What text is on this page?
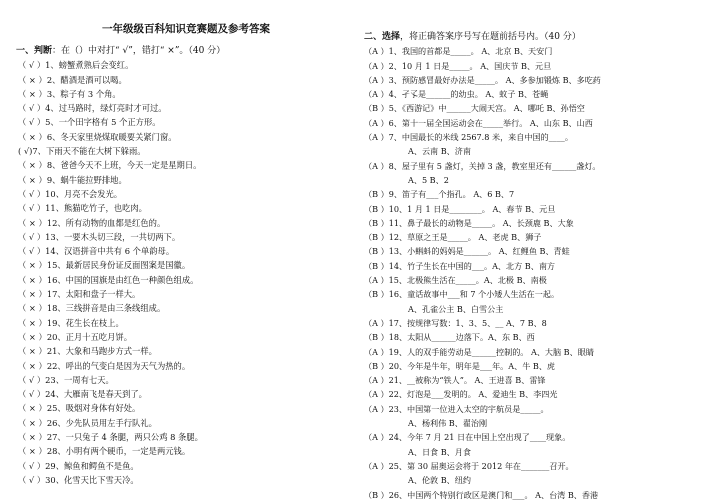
一年级级百科知识竞赛题及参考答案
一、判断：在（）中对打“ √”，错打“ ×”。（40 分）
（ √ ）1、螃蟹煮熟后会变红。
（ × ）2、醋酒是酒可以喝。
（ × ）3、粽子有 3 个角。
（ √ ）4、过马路时，绿灯亮时才可过。
（ √ ）5、一个田字格有 5 个正方形。
（ × ）6、冬天家里烧煤取暖要关紧门窗。
( √)7、下雨天不能在大树下躲雨。
（ × ）8、爸爸今天不上班，今天一定是星期日。
（ × ）9、蜗牛能拉野排地。
（ √ ）10、月亮不会发光。
（ √ ）11、熊猫吃竹子，也吃肉。
（ × ）12、所有动物的血都是红色的。
（ √ ）13、一要木头切三段，一共切两下。
（ √ ）14、汉语拼音中共有 6 个单韵母。
（ × ）15、最新居民身份证反面图案是国徽。
（ × ）16、中国的国旗是由红色一种颜色组成。
（ × ）17、太阳和盘子一样大。
（ × ）18、三线拼音是由三条线组成。
（ × ）19、花生长在枝上。
（ × ）20、正月十五吃月饼。
（ × ）21、大象和马跑步方式一样。
（ × ）22、呼出的气变白是因为天气为热的。
（ √ ）23、一周有七天。
（ √ ）24、大雁南飞是春天到了。
（ × ）25、吸烟对身体有好处。
（ × ）26、少先队员用左手行队礼。
（ × ）27、一只兔子 4 条腿，两只公鸡 8 条腿。
（ × ）28、小明有两个硬币，一定是两元钱。
（ √ ）29、鲸鱼和鳄鱼不是鱼。
（ √ ）30、化雪天比下雪天冷。
二、选择，将正确答案序号写在题前括号内。（40 分）
（A ）1、我国的首都是_____。 A、北京 B、天安门
（A ）2、10 月 1 日是_____。 A、国庆节 B、元旦
（A ）3、预防感冒最好办法是_____。 A、多参加锻炼 B、多吃药
（A ）4、孑孓是______的幼虫。 A、蚊子 B、苍蝇
（B ）5、《西游记》中______大闹天宫。 A、哪吒 B、孙悟空
（A ）6、第十一届全国运动会在_____举行。 A、山东 B、山西
（A ）7、中国最长的米线 2567.8 米，来自中国的____。
A、云南 B、济南
（A ）8、屋子里有 5 盏灯，关掉 3 盏，教室里还有______盏灯。
A、5 B、2
（B ）9、笛子有___个指孔。 A、6 B、7
（B ）10、1 月 1 日是________。 A、春节 B、元旦
（B ）11、鼻子最长的动物是_____。 A、长颈鹿 B、大象
（B ）12、草原之王是_____。 A、老虎 B、狮子
（B ）13、小蝌蚪的妈妈是______。 A、红鲤鱼 B、青蛙
（B ）14、竹子生长在中国的___。A、北方 B、南方
（A ）15、北极熊生活在_____。A、北极 B、南极
（B ）16、童话故事中___和 7 个小矮人生活在一起。
A、孔雀公主 B、白雪公主
（A ）17、按规律写数：1、3、5、__ A、7 B、8
（B ）18、太阳从______边落下。A、东 B、西
（A ）19、人的双手能劳动是______控制的。 A、大脑 B、眼睛
（B ）20、今年是牛年，明年是___年。A、牛 B、虎
（A ）21、__被称为“铁人”。 A、王进喜 B、雷锋
（A ）22、灯泡是___发明的。 A、爱迪生 B、李四光
（A ）23、中国第一位进入太空的宇航员是_____。
A、杨利伟 B、翟治刚
（A ）24、今年 7 月 21 日在中国上空出现了____现象。
A、日食 B、月食
（A ）25、第 30 届奥运会将于 2012 年在_______召开。
A、伦敦 B、纽约
（B ）26、中国两个特别行政区是澳门和___。 A、台湾 B、香港
